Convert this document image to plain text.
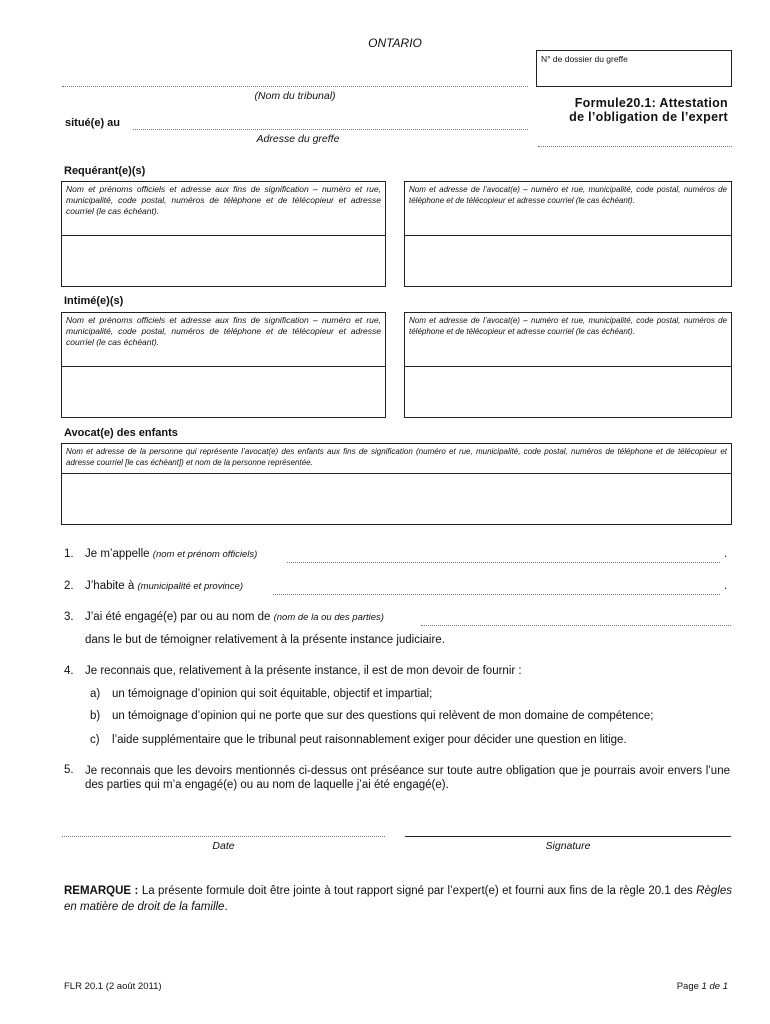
ONTARIO
N° de dossier du greffe
(Nom du tribunal)
situé(e) au
Adresse du greffe
Formule20.1: Attestation
de l’obligation de l’expert
Requérant(e)(s)
Nom et prénoms officiels et adresse aux fins de signification – numéro et rue, municipalité, code postal, numéros de téléphone et de télécopieur et adresse courriel (le cas échéant).
Nom et adresse de l’avocat(e) – numéro et rue, municipalité, code postal, numéros de téléphone et de télécopieur et adresse courriel (le cas échéant).
Intimé(e)(s)
Nom et prénoms officiels et adresse aux fins de signification – numéro et rue, municipalité, code postal, numéros de téléphone et de télécopieur et adresse courriel (le cas échéant).
Nom et adresse de l’avocat(e) – numéro et rue, municipalité, code postal, numéros de téléphone et de télécopieur et adresse courriel (le cas échéant).
Avocat(e) des enfants
Nom et adresse de la personne qui représente l’avocat(e) des enfants aux fins de signification (numéro et rue, municipalité, code postal, numéros de téléphone et de télécopieur et adresse courriel [le cas échéant]) et nom de la personne représentée.
1. Je m’appelle (nom et prénom officiels)	.
2. J’habite à (municipalité et province)	.
3. J’ai été engagé(e) par ou au nom de (nom de la ou des parties)
dans le but de témoigner relativement à la présente instance judiciaire.
4. Je reconnais que, relativement à la présente instance, il est de mon devoir de fournir :
a) un témoignage d’opinion qui soit équitable, objectif et impartial;
b) un témoignage d’opinion qui ne porte que sur des questions qui relèvent de mon domaine de compétence;
c) l’aide supplémentaire que le tribunal peut raisonnablement exiger pour décider une question en litige.
5. Je reconnais que les devoirs mentionnés ci-dessus ont préséance sur toute autre obligation que je pourrais avoir envers l’une des parties qui m’a engagé(e) ou au nom de laquelle j’ai été engagé(e).
Date	Signature
REMARQUE : La présente formule doit être jointe à tout rapport signé par l’expert(e) et fourni aux fins de la règle 20.1 des Règles en matière de droit de la famille.
FLR 20.1 (2 août 2011)	Page 1 de 1
